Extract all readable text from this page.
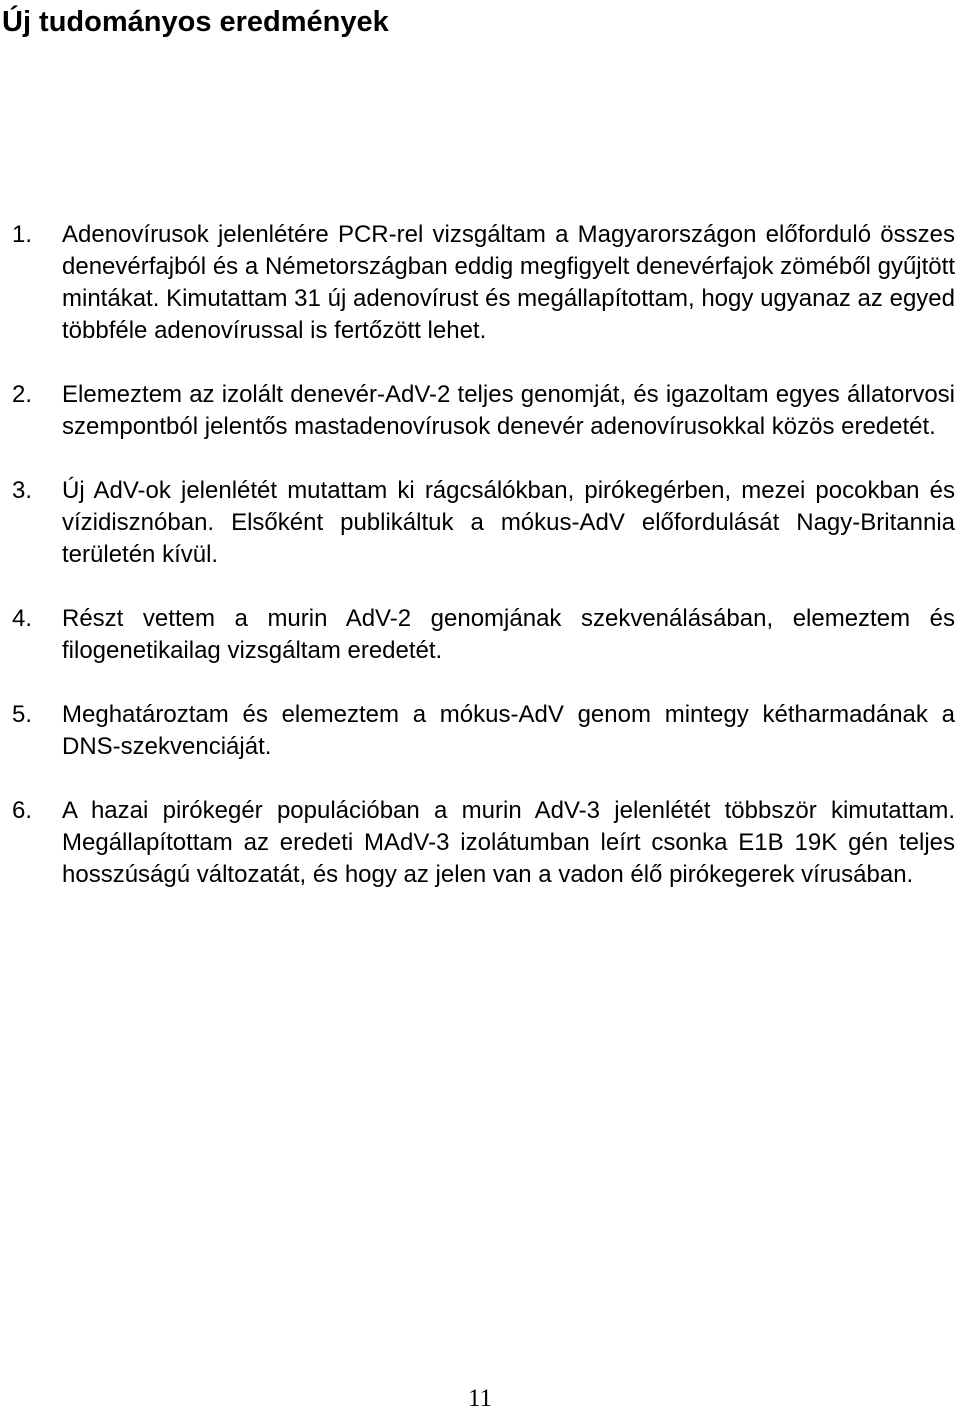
Új tudományos eredmények
1. Adenovírusok jelenlétére PCR-rel vizsgáltam a Magyarországon előforduló összes denevérfajból és a Németországban eddig megfigyelt denevérfajok zöméből gyűjtött mintákat. Kimutattam 31 új adenovírust és megállapítottam, hogy ugyanaz az egyed többféle adenovírussal is fertőzött lehet.

2. Elemeztem az izolált denevér-AdV-2 teljes genomját, és igazoltam egyes állatorvosi szempontból jelentős mastadenovírusok denevér adenovírusokkal közös eredetét.

3. Új AdV-ok jelenlétét mutattam ki rágcsálókban, pirókegérben, mezei pocokban és vízidisznóban. Elsőként publikáltuk a mókus-AdV előfordulását Nagy-Britannia területén kívül.

4. Részt vettem a murin AdV-2 genomjának szekvenálásában, elemeztem és filogenetikailag vizsgáltam eredetét.

5. Meghatároztam és elemeztem a mókus-AdV genom mintegy kétharmadának a DNS-szekvenciáját.

6. A hazai pirókegér populációban a murin AdV-3 jelenlétét többször kimutattam. Megállapítottam az eredeti MAdV-3 izolátumban leírt csonka E1B 19K gén teljes hosszúságú változatát, és hogy az jelen van a vadon élő pirókegerek vírusában.

11
